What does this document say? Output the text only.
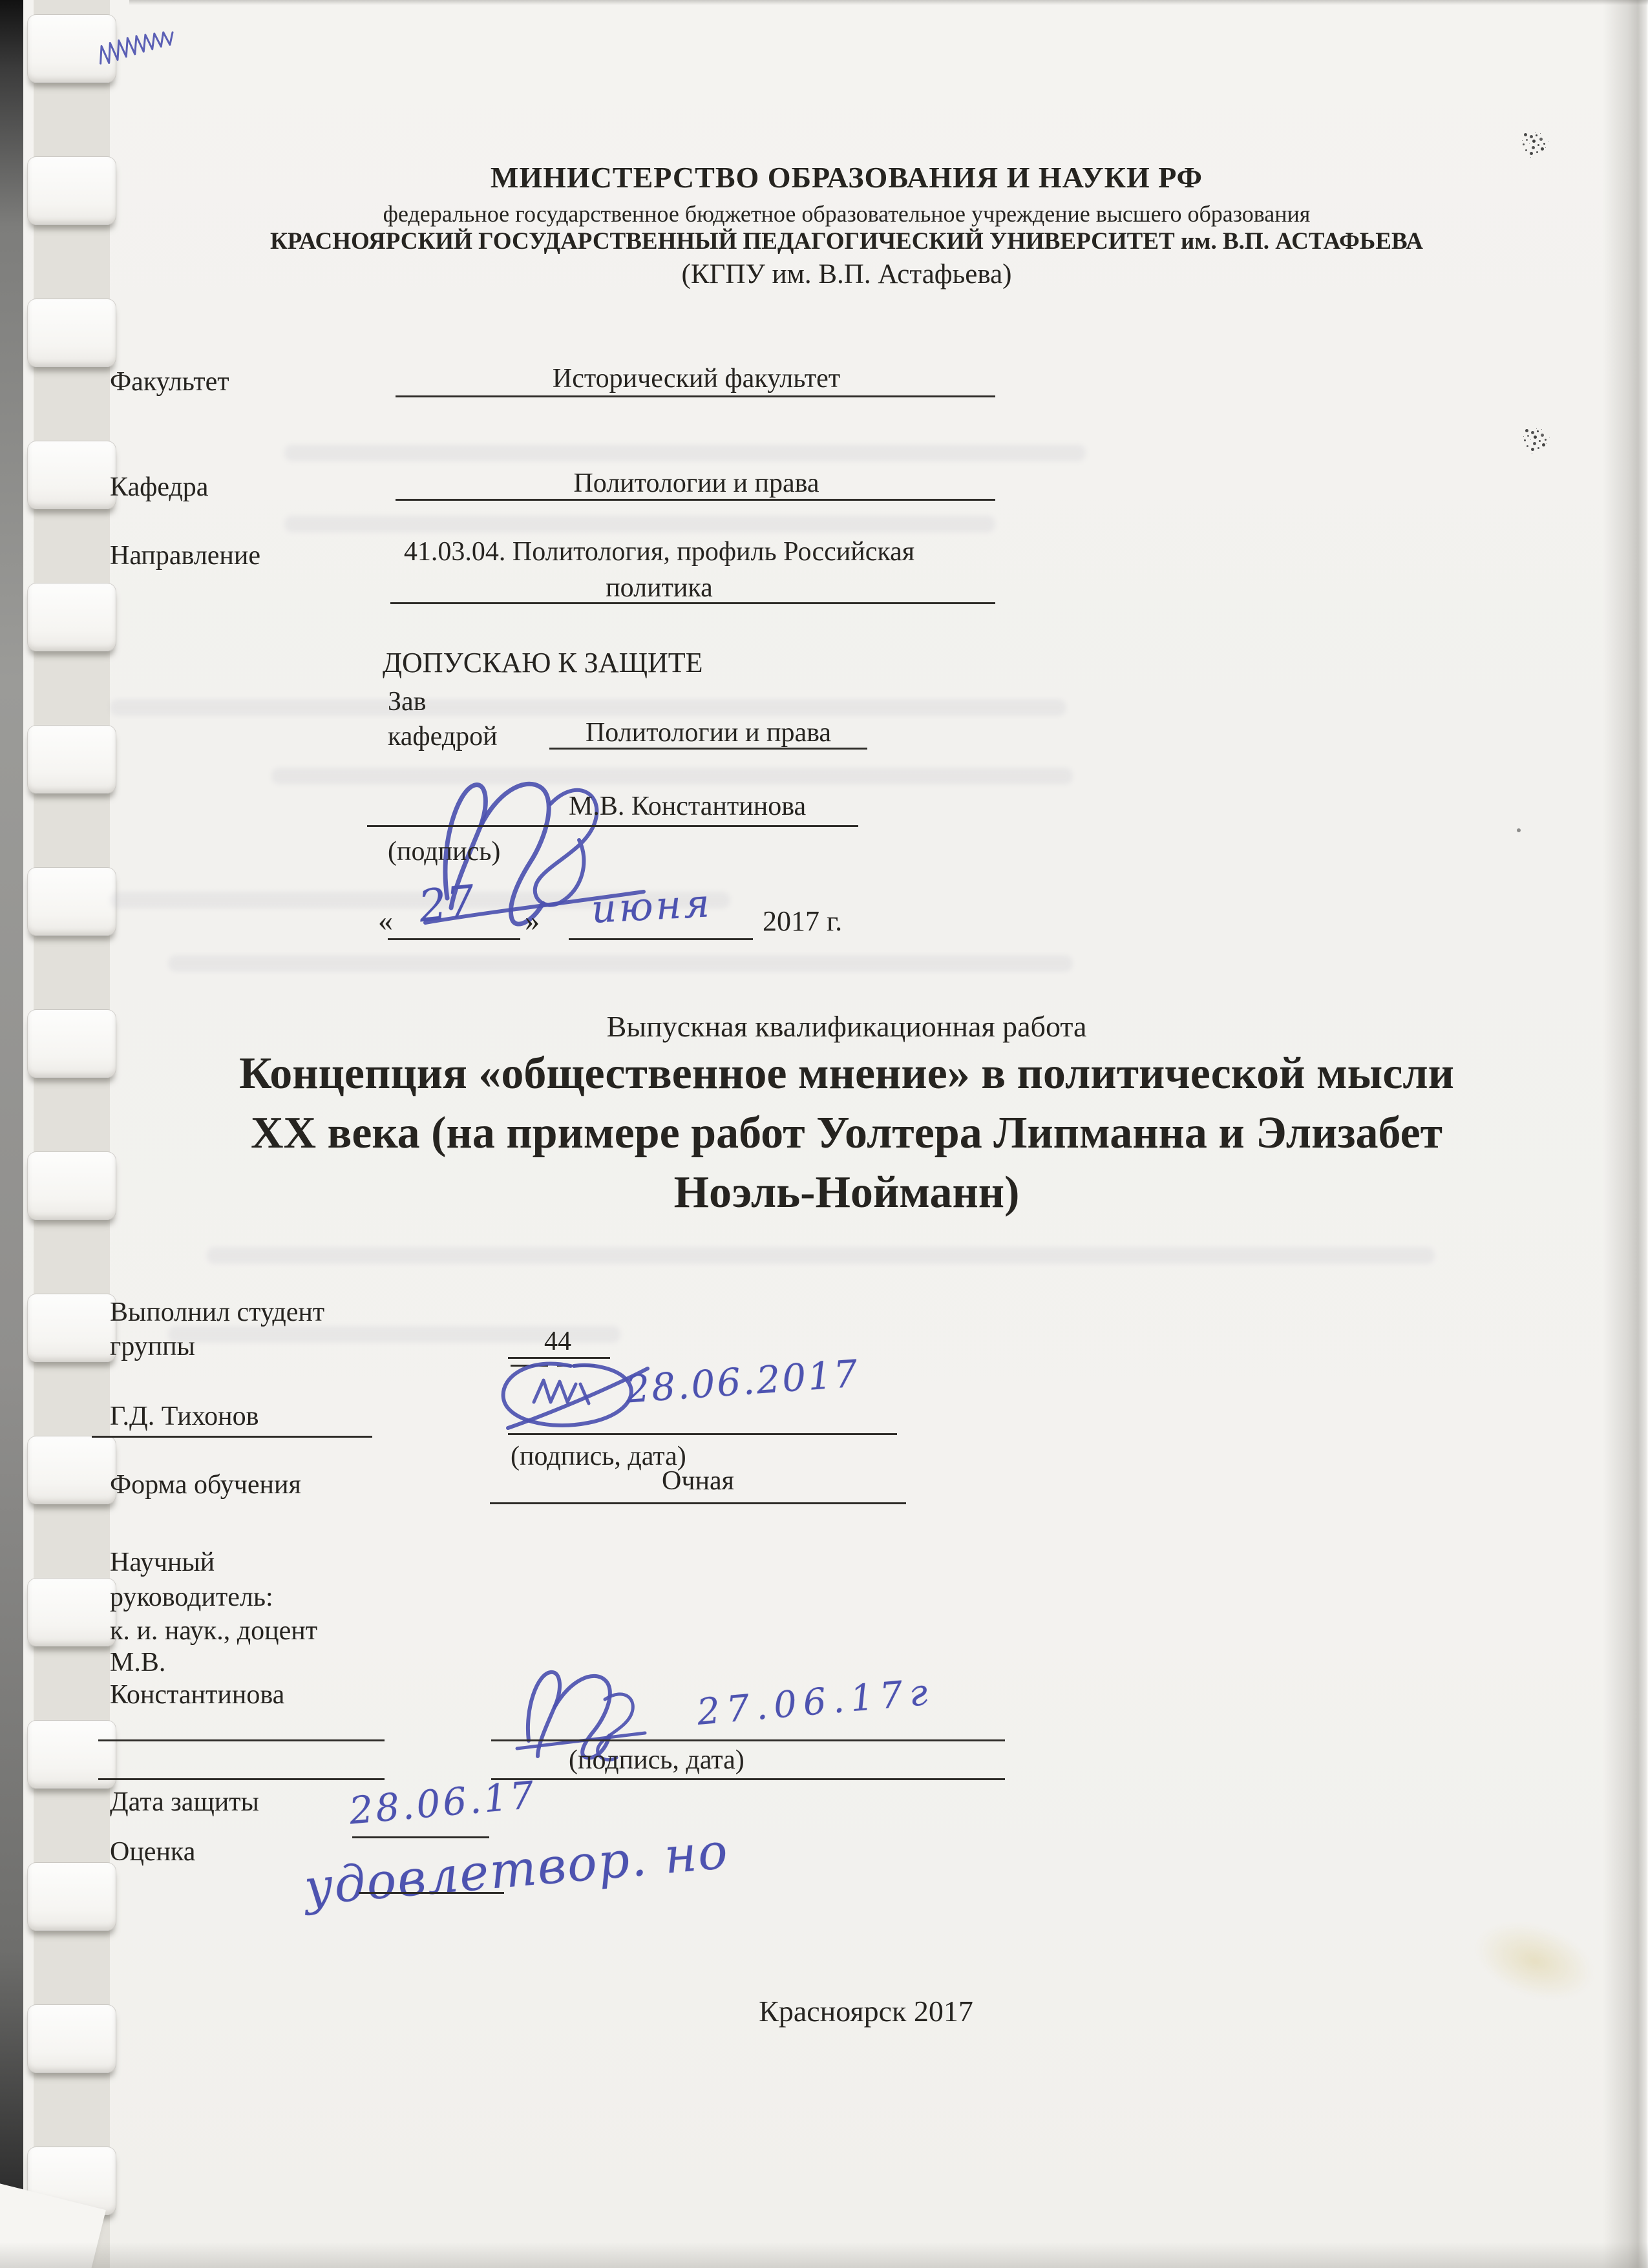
МИНИСТЕРСТВО ОБРАЗОВАНИЯ И НАУКИ РФ
федеральное государственное бюджетное образовательное учреждение высшего образования
КРАСНОЯРСКИЙ ГОСУДАРСТВЕННЫЙ ПЕДАГОГИЧЕСКИЙ УНИВЕРСИТЕТ им. В.П. АСТАФЬЕВА
(КГПУ им. В.П. Астафьева)
Факультет	Исторический факультет
Кафедра	Политологии и права
Направление	41.03.04. Политология, профиль Российская
политика
ДОПУСКАЮ К ЗАЩИТЕ
Зав
кафедрой	Политологии и права
М.В. Константинова
(подпись)
« 27 » июня 2017 г.
Выпускная квалификационная работа
Концепция «общественное мнение» в политической мысли
XX века (на примере работ Уолтера Липманна и Элизабет
Ноэль-Нойманн)
Выполнил студент
группы	44
28.06.2017
Г.Д. Тихонов
(подпись, дата)
Форма обучения	Очная
Научный
руководитель:
к. и. наук., доцент
М.В.
Константинова	27.06.17г
(подпись, дата)
Дата защиты 28.06.17
Оценка удовлетвор. но
Красноярск 2017
